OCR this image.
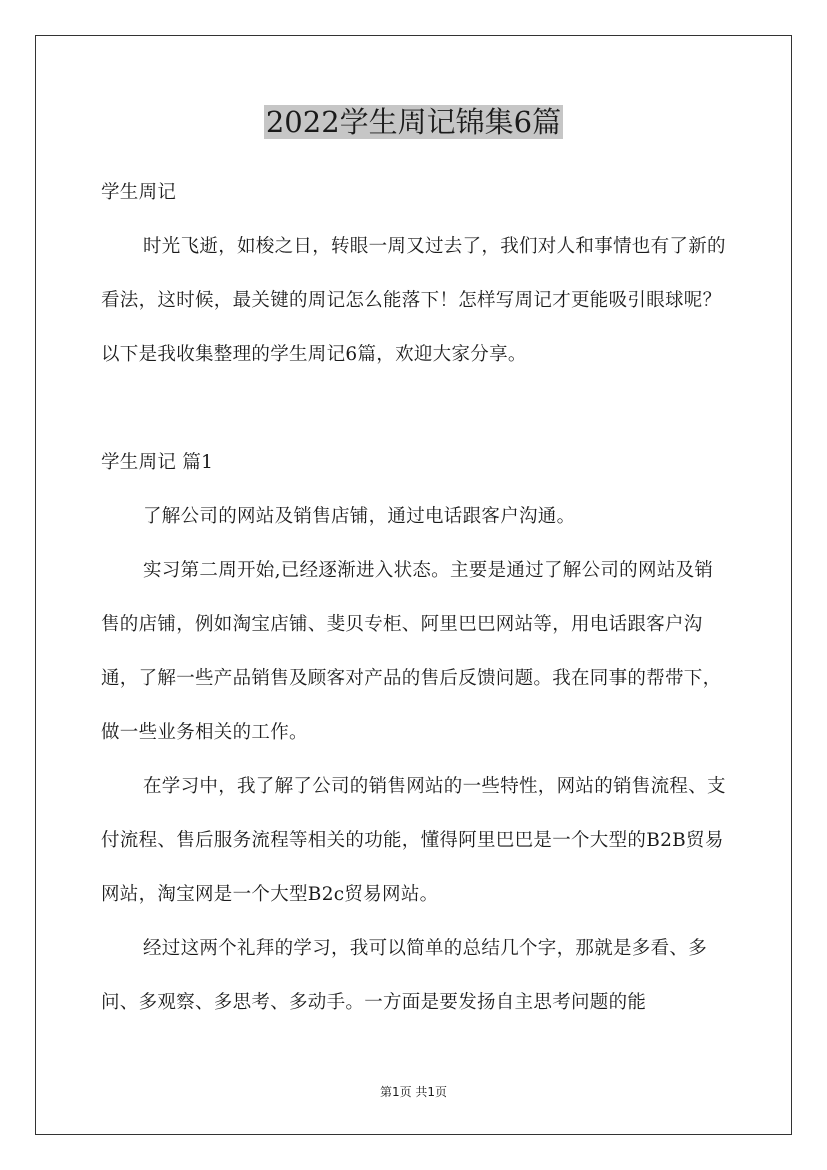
2022学生周记锦集6篇

学生周记

时光飞逝，如梭之日，转眼一周又过去了，我们对人和事情也有了新的看法，这时候，最关键的周记怎么能落下！怎样写周记才更能吸引眼球呢？以下是我收集整理的学生周记6篇，欢迎大家分享。

学生周记 篇1

了解公司的网站及销售店铺，通过电话跟客户沟通。

实习第二周开始,已经逐渐进入状态。主要是通过了解公司的网站及销售的店铺，例如淘宝店铺、斐贝专柜、阿里巴巴网站等，用电话跟客户沟通，了解一些产品销售及顾客对产品的售后反馈问题。我在同事的帮带下，做一些业务相关的工作。

在学习中，我了解了公司的销售网站的一些特性，网站的销售流程、支付流程、售后服务流程等相关的功能，懂得阿里巴巴是一个大型的B2B贸易网站，淘宝网是一个大型B2c贸易网站。

经过这两个礼拜的学习，我可以简单的总结几个字，那就是多看、多问、多观察、多思考、多动手。一方面是要发扬自主思考问题的能

第1页 共1页
